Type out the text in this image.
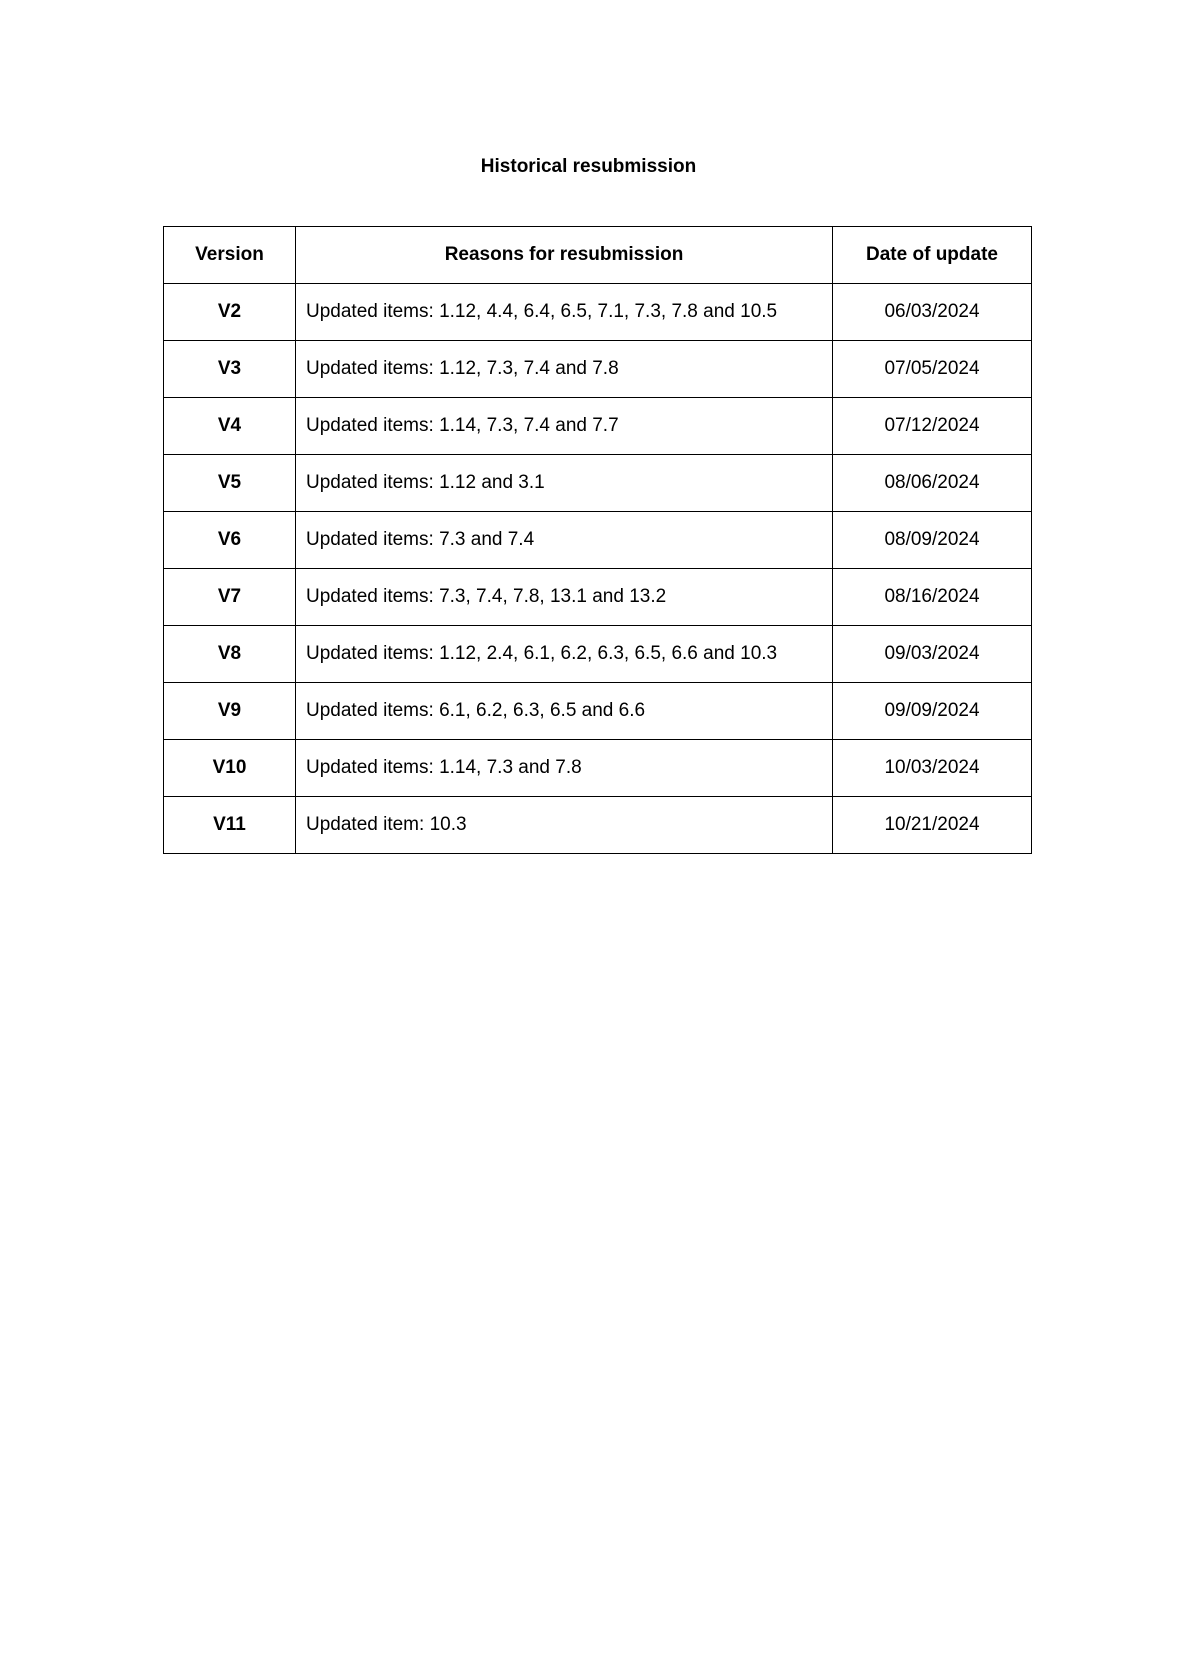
Historical resubmission
Version	Reasons for resubmission	Date of update
V2	Updated items: 1.12, 4.4, 6.4, 6.5, 7.1, 7.3, 7.8 and 10.5	06/03/2024
V3	Updated items: 1.12, 7.3, 7.4 and 7.8	07/05/2024
V4	Updated items: 1.14, 7.3, 7.4 and 7.7	07/12/2024
V5	Updated items: 1.12 and 3.1	08/06/2024
V6	Updated items: 7.3 and 7.4	08/09/2024
V7	Updated items: 7.3, 7.4, 7.8, 13.1 and 13.2	08/16/2024
V8	Updated items: 1.12, 2.4, 6.1, 6.2, 6.3, 6.5, 6.6 and 10.3	09/03/2024
V9	Updated items: 6.1, 6.2, 6.3, 6.5 and 6.6	09/09/2024
V10	Updated items: 1.14, 7.3 and 7.8	10/03/2024
V11	Updated item: 10.3	10/21/2024
